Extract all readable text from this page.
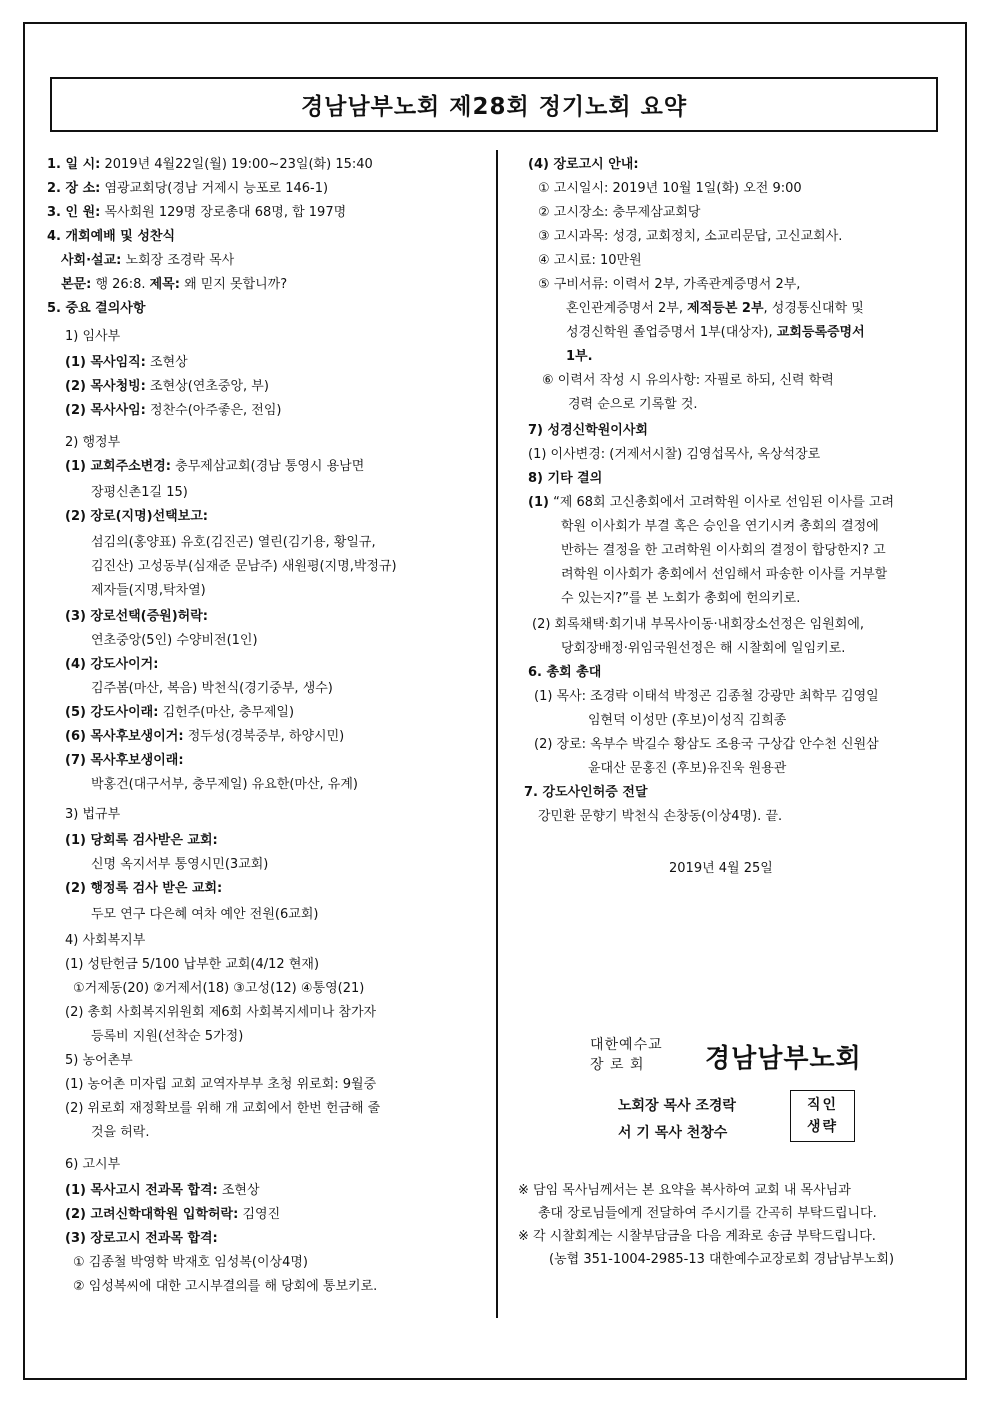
경남남부노회 제28회 정기노회 요약
1. 일 시: 2019년 4월22일(월) 19:00~23일(화) 15:40
2. 장 소: 염광교회당(경남 거제시 능포로 146-1)
3. 인 원: 목사회원 129명 장로총대 68명, 합 197명
4. 개회예배 및 성찬식
사회·설교: 노회장 조경락 목사
본문: 행 26:8. 제목: 왜 믿지 못합니까?
5. 중요 결의사항
1) 임사부
(1) 목사임직: 조현상
(2) 목사청빙: 조현상(연초중앙, 부)
(2) 목사사임: 정찬수(아주좋은, 전임)
2) 행정부
(1) 교회주소변경: 충무제삼교회(경남 통영시 용남면
장평신촌1길 15)
(2) 장로(지명)선택보고:
섬김의(홍양표) 유호(김진곤) 열린(김기용, 황일규,
김진산) 고성동부(심재준 문남주) 새원평(지명,박정규)
제자들(지명,탁차열)
(3) 장로선택(증원)허락:
연초중앙(5인) 수양비전(1인)
(4) 강도사이거:
김주봄(마산, 복음) 박천식(경기중부, 생수)
(5) 강도사이래: 김헌주(마산, 충무제일)
(6) 목사후보생이거: 정두성(경북중부, 하양시민)
(7) 목사후보생이래:
박홍건(대구서부, 충무제일) 유요한(마산, 유계)
3) 법규부
(1) 당회록 검사받은 교회:
신명 옥지서부 통영시민(3교회)
(2) 행정록 검사 받은 교회:
두모 연구 다은혜 여차 예안 전원(6교회)
4) 사회복지부
(1) 성탄헌금 5/100 납부한 교회(4/12 현재)
①거제동(20) ②거제서(18) ③고성(12) ④통영(21)
(2) 총회 사회복지위원회 제6회 사회복지세미나 참가자
등록비 지원(선착순 5가정)
5) 농어촌부
(1) 농어촌 미자립 교회 교역자부부 초청 위로회: 9월중
(2) 위로회 재정확보를 위해 개 교회에서 한번 헌금해 줄
것을 허락.
6) 고시부
(1) 목사고시 전과목 합격: 조현상
(2) 고려신학대학원 입학허락: 김영진
(3) 장로고시 전과목 합격:
① 김종철 박영학 박재호 임성복(이상4명)
② 임성복씨에 대한 고시부결의를 해 당회에 통보키로.
(4) 장로고시 안내:
① 고시일시: 2019년 10월 1일(화) 오전 9:00
② 고시장소: 충무제삼교회당
③ 고시과목: 성경, 교회정치, 소교리문답, 고신교회사.
④ 고시료: 10만원
⑤ 구비서류: 이력서 2부, 가족관계증명서 2부,
혼인관계증명서 2부, 제적등본 2부, 성경통신대학 및
성경신학원 졸업증명서 1부(대상자), 교회등록증명서
1부.
⑥ 이력서 작성 시 유의사항: 자필로 하되, 신력 학력
경력 순으로 기록할 것.
7) 성경신학원이사회
(1) 이사변경: (거제서시찰) 김영섭목사, 옥상석장로
8) 기타 결의
(1) “제 68회 고신총회에서 고려학원 이사로 선임된 이사를 고려
학원 이사회가 부결 혹은 승인을 연기시켜 총회의 결정에
반하는 결정을 한 고려학원 이사회의 결정이 합당한지? 고
려학원 이사회가 총회에서 선임해서 파송한 이사를 거부할
수 있는지?”를 본 노회가 총회에 헌의키로.
(2) 회록채택·회기내 부목사이동·내회장소선정은 임원회에,
당회장배정·위임국원선정은 해 시찰회에 일임키로.
6. 총회 총대
(1) 목사: 조경락 이태석 박정곤 김종철 강광만 최학무 김영일
임현덕 이성만 (후보)이성직 김희종
(2) 장로: 옥부수 박길수 황삼도 조용국 구상갑 안수천 신원삼
윤대산 문홍진 (후보)유진욱 원용관
7. 강도사인허증 전달
강민환 문향기 박천식 손창동(이상4명). 끝.
2019년 4월 25일
대한예수교
장 로 회	경남남부노회
노회장 목사 조경락
서 기 목사 천창수
직인
생략
※ 담임 목사님께서는 본 요약을 복사하여 교회 내 목사님과
총대 장로님들에게 전달하여 주시기를 간곡히 부탁드립니다.
※ 각 시찰회계는 시찰부담금을 다음 계좌로 송금 부탁드립니다.
(농협 351-1004-2985-13 대한예수교장로회 경남남부노회)
